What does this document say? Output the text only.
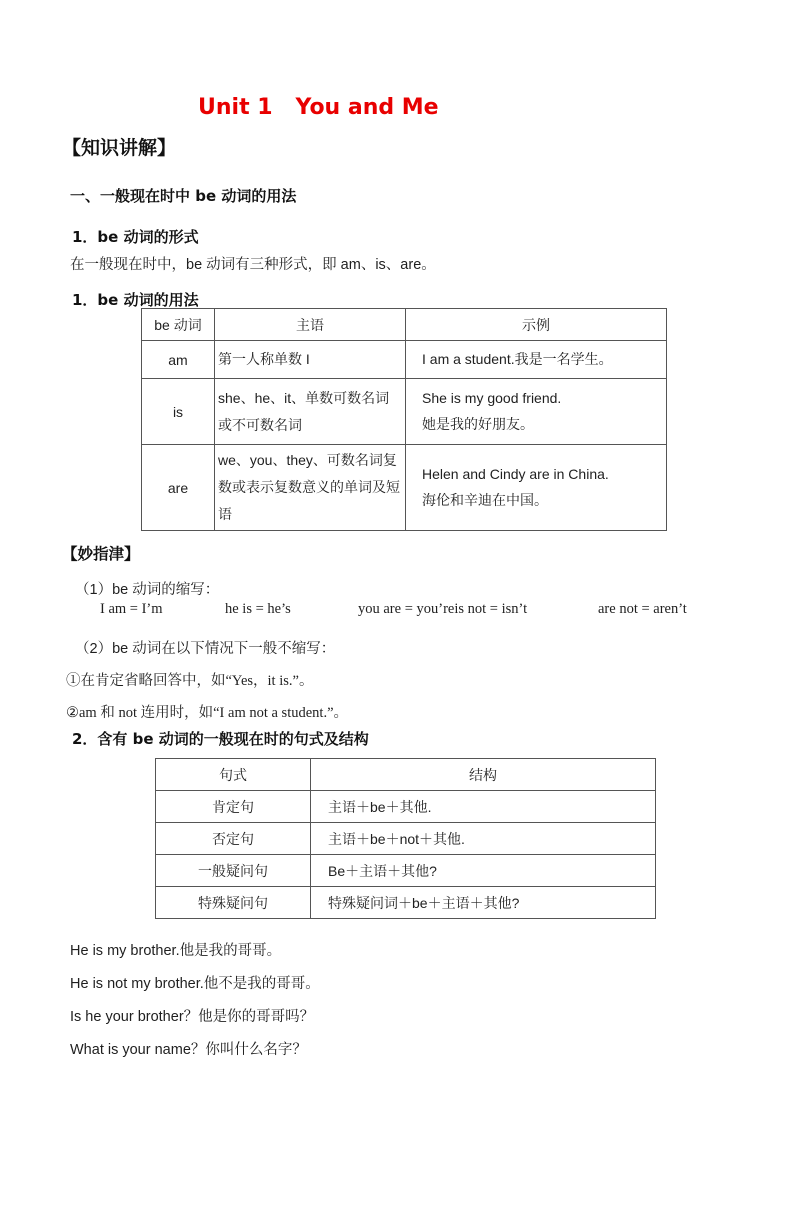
Unit 1   You and Me
【知识讲解】
一、一般现在时中 be 动词的用法
1．be 动词的形式

在一般现在时中，be 动词有三种形式，即 am、is、are。

1．be 动词的用法
be 动词	主语	示例
am	第一人称单数 I	I am a student.我是一名学生。
is	she、he、it、单数可数名词或不可数名词	She is my good friend.
她是我的好朋友。

are	we、you、they、可数名词复数或表示复数意义的单词及短语	Helen and Cindy are in China.
海伦和辛迪在中国。
【妙指津】

（1）be 动词的缩写：

I am = I’m	he is = he’s	you are = you’reis not = isn’t	are not = aren’t

（2）be 动词在以下情况下一般不缩写：

①在肯定省略回答中，如“Yes，it is.”。

②am 和 not 连用时，如“I am not a student.”。

2．含有 be 动词的一般现在时的句式及结构
句式	结构
肯定句	主语＋be＋其他.
否定句	主语＋be＋not＋其他.
一般疑问句	Be＋主语＋其他?
特殊疑问句	特殊疑问词＋be＋主语＋其他?

He is my brother.他是我的哥哥。

He is not my brother.他不是我的哥哥。

Is he your brother？他是你的哥哥吗？

What is your name？你叫什么名字？
